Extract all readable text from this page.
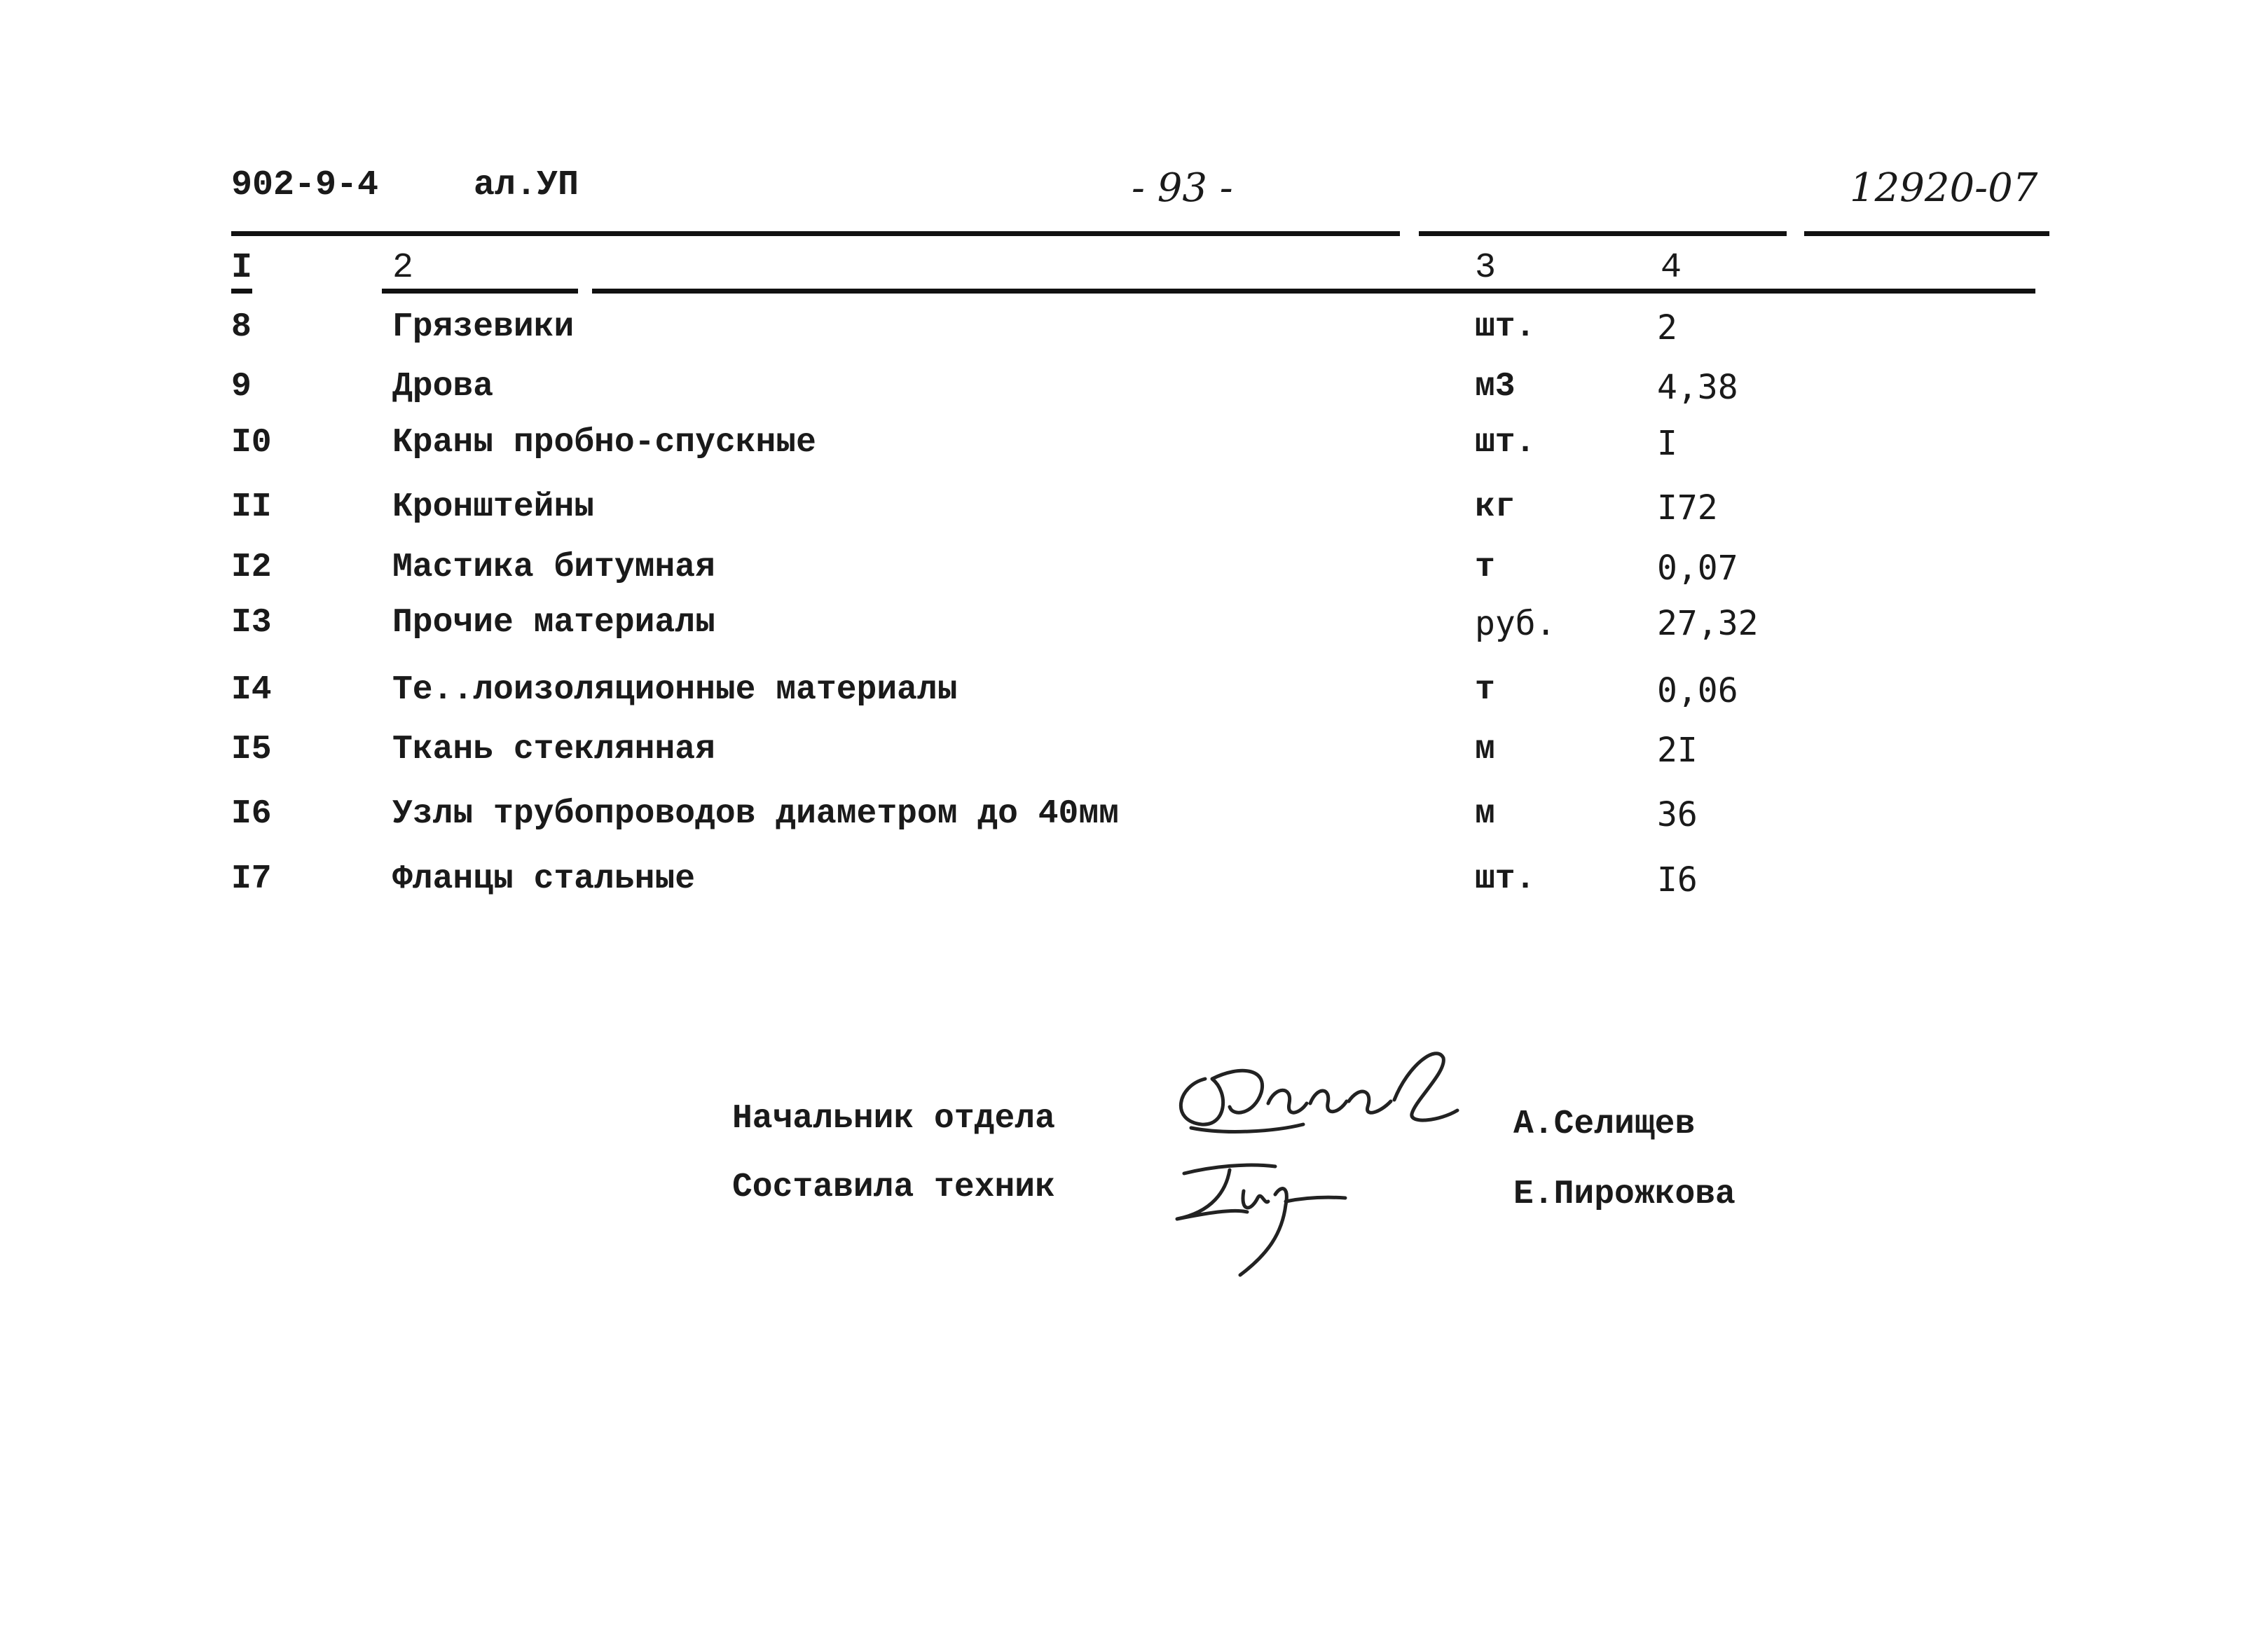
902-9-4	ал.УП	- 93 -	12920-07
I	2	3	4
8	Грязевики	шт.	2
9	Дрова	м3	4,38
I0	Краны пробно-спускные	шт.	I
II	Кронштейны	кг	I72
I2	Мастика битумная	т	0,07
I3	Прочие материалы	руб.	27,32
I4	Те..лоизоляционные материалы	т	0,06
I5	Ткань стеклянная	м	2I
I6	Узлы трубопроводов диаметром до 40мм	м	36
I7	Фланцы стальные	шт.	I6
Начальник отдела	А.Селищев
Составила техник	Е.Пирожкова
